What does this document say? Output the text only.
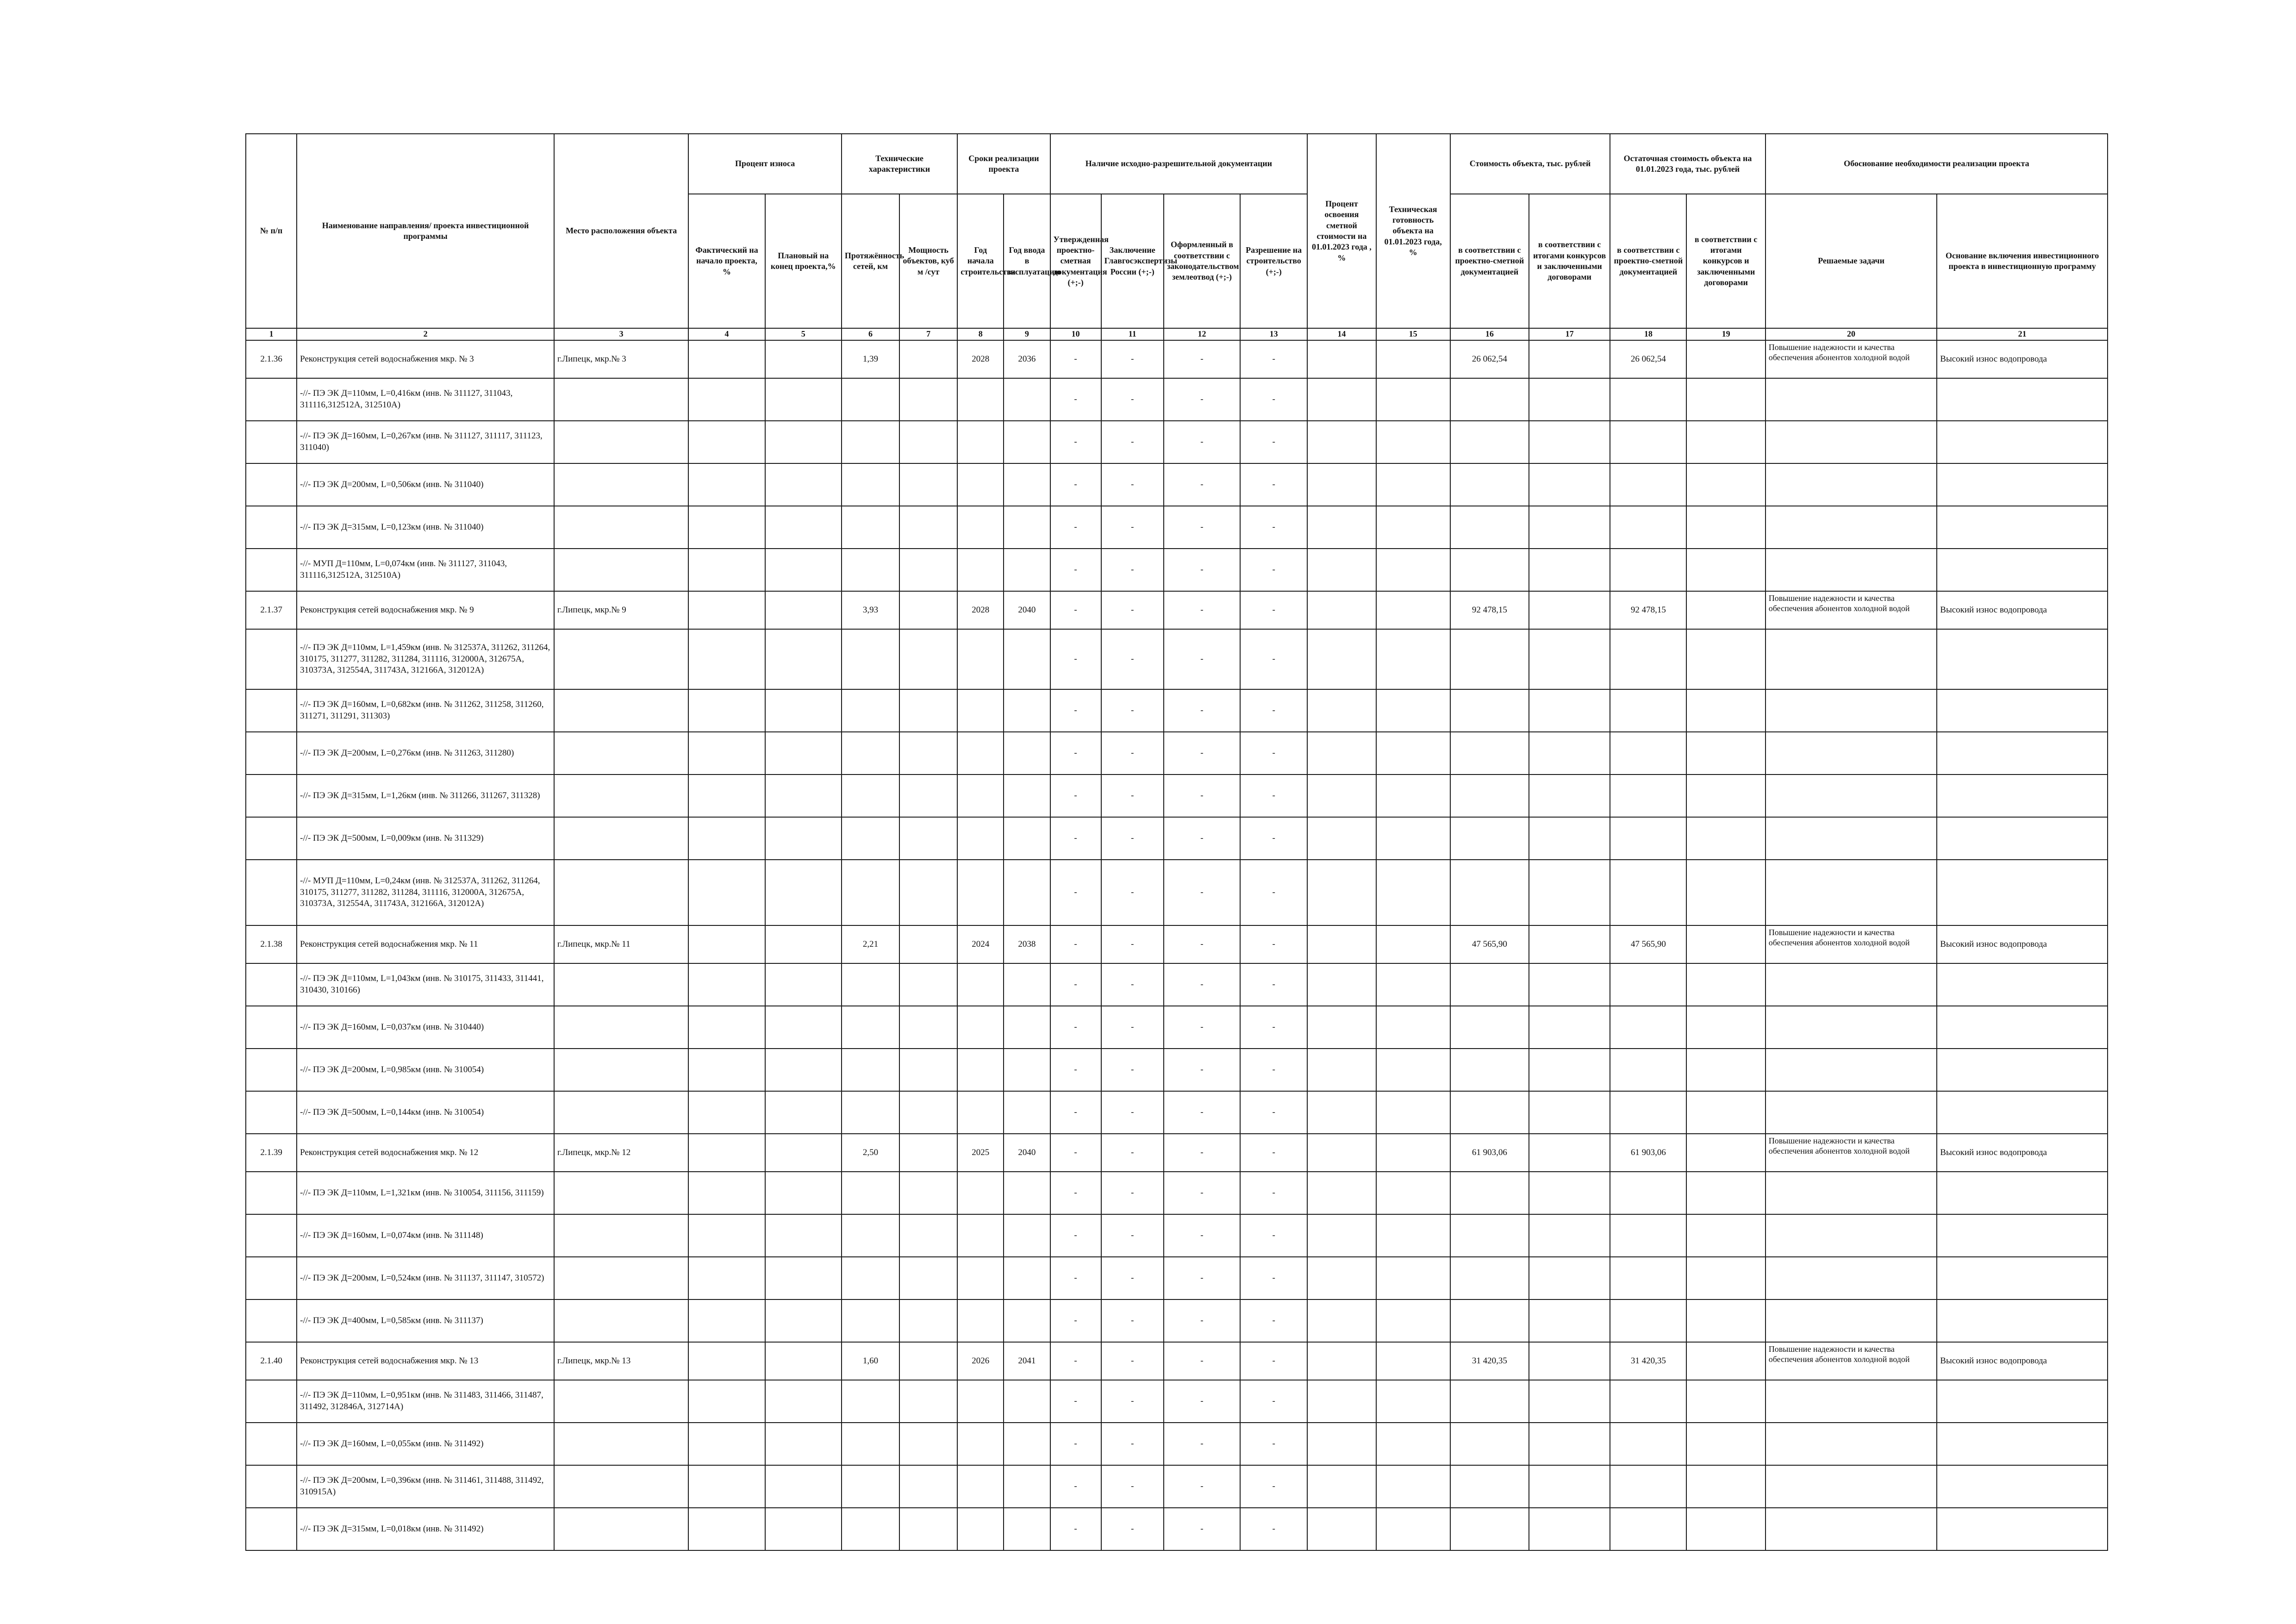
№ п/п	Наименование направления/ проекта инвестиционной программы	Место расположения объекта	Процент износа		Технические характеристики		Сроки реализации проекта		Наличие исходно-разрешительной документации				Процент освоения сметной стоимости на 01.01.2023 года , %	Техническая готовность объекта на 01.01.2023 года, %	Стоимость объекта, тыс. рублей		Остаточная стоимость объекта на 01.01.2023 года, тыс. рублей		Обоснование необходимости реализации проекта	
			Фактический на начало проекта, %	Плановый на конец проекта,%	Протяжённость сетей, км	Мощность объектов, куб м /сут	Год начала строительства	Год ввода в эксплуатацию	Утвержденная проектно-сметная документация (+;-)	Заключение Главгосэкспертизы России (+;-)	Оформленный в соответствии с законодательством землеотвод (+;-)	Разрешение на строительство (+;-)			в соответствии с проектно-сметной документацией	в соответствии с итогами конкурсов и заключенными договорами	в соответствии с проектно-сметной документацией	в соответствии с итогами конкурсов и заключенными договорами	Решаемые задачи	Основание включения инвестиционного проекта в инвестиционную программу
1	2	3	4	5	6	7	8	9	10	11	12	13	14	15	16	17	18	19	20	21
2.1.36	Реконструкция сетей водоснабжения мкр. № 3	г.Липецк, мкр.№ 3			1,39		2028	2036	-	-	-	-			26 062,54		26 062,54		Повышение надежности и качества обеспечения абонентов холодной водой	Высокий износ водопровода
	-//- ПЭ ЭК Д=110мм, L=0,416км (инв. № 311127, 311043, 311116,312512А, 312510А)								-	-	-	-								
	-//- ПЭ ЭК Д=160мм, L=0,267км (инв. № 311127, 311117, 311123, 311040)								-	-	-	-								
	-//- ПЭ ЭК Д=200мм, L=0,506км (инв. № 311040)								-	-	-	-								
	-//- ПЭ ЭК Д=315мм, L=0,123км (инв. № 311040)								-	-	-	-								
	-//- МУП Д=110мм, L=0,074км (инв. № 311127, 311043, 311116,312512А, 312510А)								-	-	-	-								
2.1.37	Реконструкция сетей водоснабжения мкр. № 9	г.Липецк, мкр.№ 9			3,93		2028	2040	-	-	-	-			92 478,15		92 478,15		Повышение надежности и качества обеспечения абонентов холодной водой	Высокий износ водопровода
	-//- ПЭ ЭК Д=110мм, L=1,459км (инв. № 312537А, 311262, 311264, 310175, 311277, 311282, 311284, 311116, 312000А, 312675А, 310373А, 312554А, 311743А, 312166А, 312012А)								-	-	-	-								
	-//- ПЭ ЭК Д=160мм, L=0,682км (инв. № 311262, 311258, 311260, 311271, 311291, 311303)								-	-	-	-								
	-//- ПЭ ЭК Д=200мм, L=0,276км (инв. № 311263, 311280)								-	-	-	-								
	-//- ПЭ ЭК Д=315мм, L=1,26км (инв. № 311266, 311267, 311328)								-	-	-	-								
	-//- ПЭ ЭК Д=500мм, L=0,009км (инв. № 311329)								-	-	-	-								
	-//- МУП Д=110мм, L=0,24км (инв. № 312537А, 311262, 311264, 310175, 311277, 311282, 311284, 311116, 312000А, 312675А, 310373А, 312554А, 311743А, 312166А, 312012А)								-	-	-	-								
2.1.38	Реконструкция сетей водоснабжения мкр. № 11	г.Липецк, мкр.№ 11			2,21		2024	2038	-	-	-	-			47 565,90		47 565,90		Повышение надежности и качества обеспечения абонентов холодной водой	Высокий износ водопровода
	-//- ПЭ ЭК Д=110мм, L=1,043км (инв. № 310175, 311433, 311441, 310430, 310166)								-	-	-	-								
	-//- ПЭ ЭК Д=160мм, L=0,037км (инв. № 310440)								-	-	-	-								
	-//- ПЭ ЭК Д=200мм, L=0,985км (инв. № 310054)								-	-	-	-								
	-//- ПЭ ЭК Д=500мм, L=0,144км (инв. № 310054)								-	-	-	-								
2.1.39	Реконструкция сетей водоснабжения мкр. № 12	г.Липецк, мкр.№ 12			2,50		2025	2040	-	-	-	-			61 903,06		61 903,06		Повышение надежности и качества обеспечения абонентов холодной водой	Высокий износ водопровода
	-//- ПЭ ЭК Д=110мм, L=1,321км (инв. № 310054, 311156, 311159)								-	-	-	-								
	-//- ПЭ ЭК Д=160мм, L=0,074км (инв. № 311148)								-	-	-	-								
	-//- ПЭ ЭК Д=200мм, L=0,524км (инв. № 311137, 311147, 310572)								-	-	-	-								
	-//- ПЭ ЭК Д=400мм, L=0,585км (инв. № 311137)								-	-	-	-								
2.1.40	Реконструкция сетей водоснабжения мкр. № 13	г.Липецк, мкр.№ 13			1,60		2026	2041	-	-	-	-			31 420,35		31 420,35		Повышение надежности и качества обеспечения абонентов холодной водой	Высокий износ водопровода
	-//- ПЭ ЭК Д=110мм, L=0,951км (инв. № 311483, 311466, 311487, 311492, 312846А, 312714А)								-	-	-	-								
	-//- ПЭ ЭК Д=160мм, L=0,055км (инв. № 311492)								-	-	-	-								
	-//- ПЭ ЭК Д=200мм, L=0,396км (инв. № 311461, 311488, 311492, 310915А)								-	-	-	-								
	-//- ПЭ ЭК Д=315мм, L=0,018км (инв. № 311492)								-	-	-	-								
